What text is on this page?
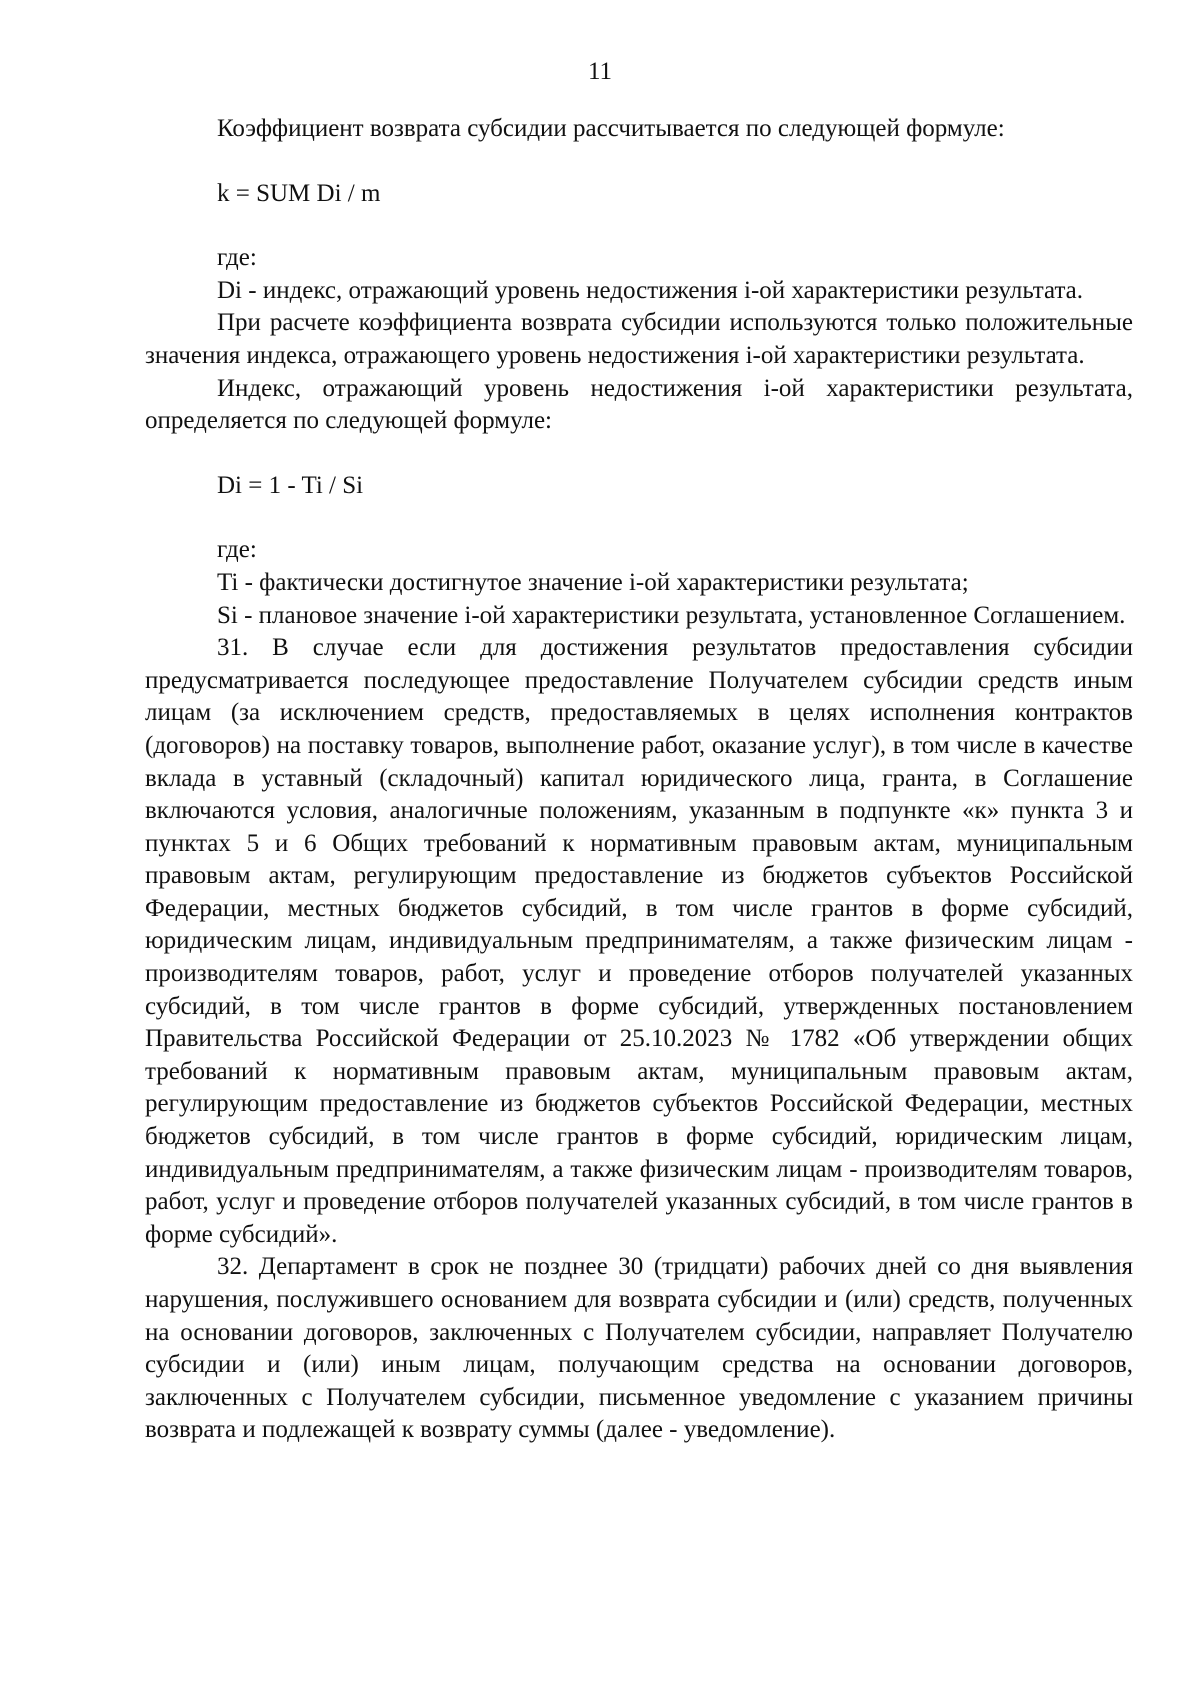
11

Коэффициент возврата субсидии рассчитывается по следующей формуле:

k = SUM Di / m

где:

Di - индекс, отражающий уровень недостижения i-ой характеристики результата.

При расчете коэффициента возврата субсидии используются только положительные значения индекса, отражающего уровень недостижения i-ой характеристики результата.

Индекс, отражающий уровень недостижения i-ой характеристики результата, определяется по следующей формуле:

Di = 1 - Ti / Si

где:

Ti - фактически достигнутое значение i-ой характеристики результата;

Si - плановое значение i-ой характеристики результата, установленное Соглашением.

31. В случае если для достижения результатов предоставления субсидии предусматривается последующее предоставление Получателем субсидии средств иным лицам (за исключением средств, предоставляемых в целях исполнения контрактов (договоров) на поставку товаров, выполнение работ, оказание услуг), в том числе в качестве вклада в уставный (складочный) капитал юридического лица, гранта, в Соглашение включаются условия, аналогичные положениям, указанным в подпункте «к» пункта 3 и пунктах 5 и 6 Общих требований к нормативным правовым актам, муниципальным правовым актам, регулирующим предоставление из бюджетов субъектов Российской Федерации, местных бюджетов субсидий, в том числе грантов в форме субсидий, юридическим лицам, индивидуальным предпринимателям, а также физическим лицам - производителям товаров, работ, услуг и проведение отборов получателей указанных субсидий, в том числе грантов в форме субсидий, утвержденных постановлением Правительства Российской Федерации от 25.10.2023 № 1782 «Об утверждении общих требований к нормативным правовым актам, муниципальным правовым актам, регулирующим предоставление из бюджетов субъектов Российской Федерации, местных бюджетов субсидий, в том числе грантов в форме субсидий, юридическим лицам, индивидуальным предпринимателям, а также физическим лицам - производителям товаров, работ, услуг и проведение отборов получателей указанных субсидий, в том числе грантов в форме субсидий».

32. Департамент в срок не позднее 30 (тридцати) рабочих дней со дня выявления нарушения, послужившего основанием для возврата субсидии и (или) средств, полученных на основании договоров, заключенных с Получателем субсидии, направляет Получателю субсидии и (или) иным лицам, получающим средства на основании договоров, заключенных с Получателем субсидии, письменное уведомление с указанием причины возврата и подлежащей к возврату суммы (далее - уведомление).
